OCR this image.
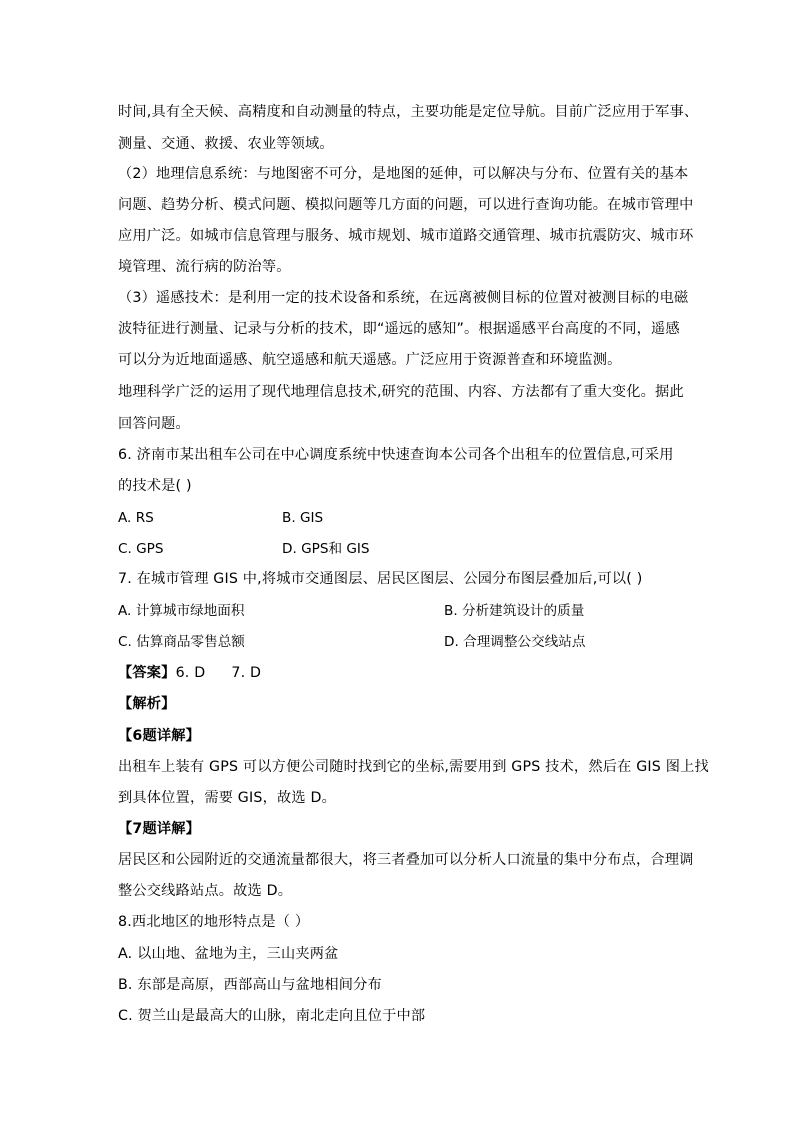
时间,具有全天候、高精度和自动测量的特点，主要功能是定位导航。目前广泛应用于军事、
测量、交通、救援、农业等领域。
（2）地理信息系统：与地图密不可分，是地图的延伸，可以解决与分布、位置有关的基本
问题、趋势分析、模式问题、模拟问题等几方面的问题，可以进行查询功能。在城市管理中
应用广泛。如城市信息管理与服务、城市规划、城市道路交通管理、城市抗震防灾、城市环
境管理、流行病的防治等。
（3）遥感技术：是利用一定的技术设备和系统，在远离被侧目标的位置对被测目标的电磁
波特征进行测量、记录与分析的技术，即“遥远的感知”。根据遥感平台高度的不同，遥感
可以分为近地面遥感、航空遥感和航天遥感。广泛应用于资源普查和环境监测。
地理科学广泛的运用了现代地理信息技术,研究的范围、内容、方法都有了重大变化。据此
回答问题。
6. 济南市某出租车公司在中心调度系统中快速查询本公司各个出租车的位置信息,可采用
的技术是( )
A. RS	B. GIS
C. GPS	D. GPS和 GIS
7. 在城市管理 GIS 中,将城市交通图层、居民区图层、公园分布图层叠加后,可以( )
A. 计算城市绿地面积	B. 分析建筑设计的质量
C. 估算商品零售总额	D. 合理调整公交线站点
【答案】6. D 7. D
【解析】
【6题详解】
出租车上装有 GPS 可以方便公司随时找到它的坐标,需要用到 GPS 技术，然后在 GIS 图上找
到具体位置，需要 GIS，故选 D。
【7题详解】
居民区和公园附近的交通流量都很大，将三者叠加可以分析人口流量的集中分布点，合理调
整公交线路站点。故选 D。
8.西北地区的地形特点是（ ）
A. 以山地、盆地为主，三山夹两盆
B. 东部是高原，西部高山与盆地相间分布
C. 贺兰山是最高大的山脉，南北走向且位于中部
